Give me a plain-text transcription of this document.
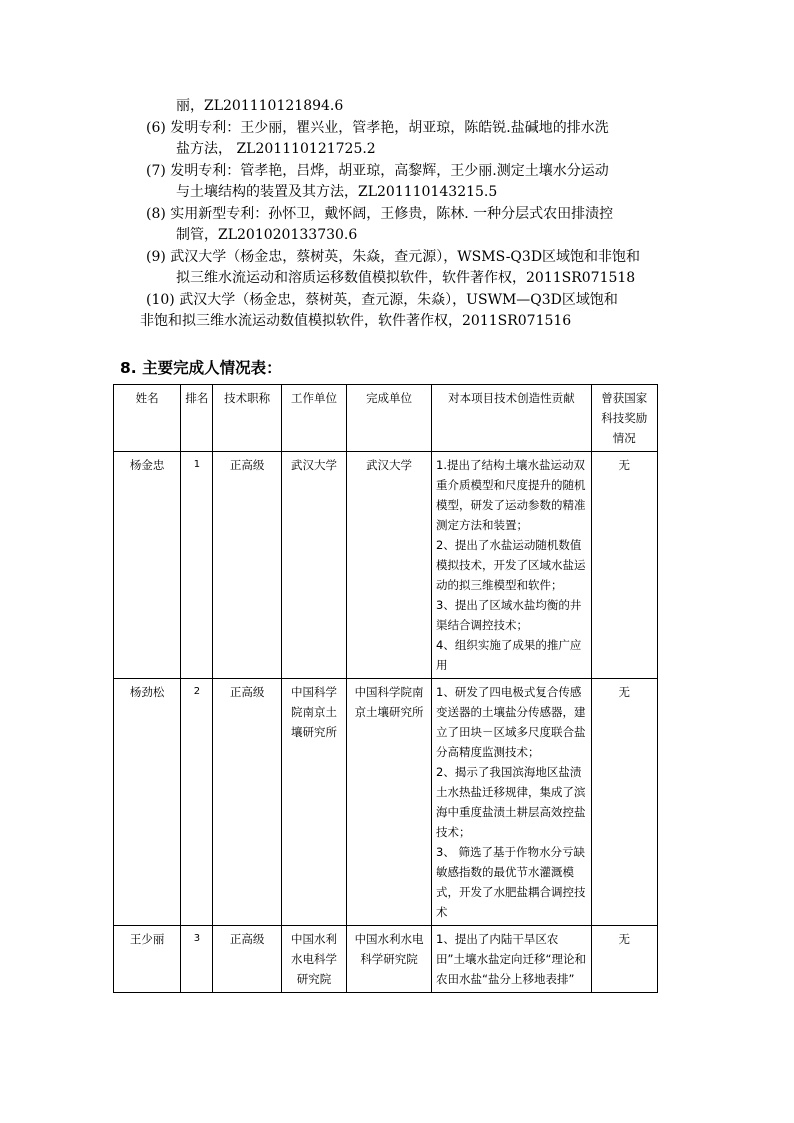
丽，ZL201110121894.6

(6) 发明专利：王少丽，瞿兴业，管孝艳，胡亚琼，陈皓锐.盐碱地的排水洗

盐方法， ZL201110121725.2

(7) 发明专利：管孝艳，吕烨，胡亚琼，高黎辉，王少丽.测定土壤水分运动

与土壤结构的装置及其方法，ZL201110143215.5

(8) 实用新型专利：孙怀卫，戴怀阔，王修贵，陈林. 一种分层式农田排渍控

制管，ZL201020133730.6

(9) 武汉大学（杨金忠，蔡树英，朱焱，查元源），WSMS-Q3D区域饱和非饱和

拟三维水流运动和溶质运移数值模拟软件，软件著作权，2011SR071518

(10) 武汉大学（杨金忠，蔡树英，查元源，朱焱），USWM—Q3D区域饱和

非饱和拟三维水流运动数值模拟软件，软件著作权，2011SR071516

8. 主要完成人情况表：
姓名	排名	技术职称	工作单位	完成单位	对本项目技术创造性贡献	曾获国家科技奖励情况
杨金忠	1	正高级	武汉大学	武汉大学	1.提出了结构土壤水盐运动双重介质模型和尺度提升的随机模型，研发了运动参数的精准测定方法和装置；
2、提出了水盐运动随机数值模拟技术，开发了区域水盐运动的拟三维模型和软件；
3、提出了区域水盐均衡的井渠结合调控技术；
4、组织实施了成果的推广应用	无
杨劲松	2	正高级	中国科学院南京土壤研究所	中国科学院南京土壤研究所	1、研发了四电极式复合传感变送器的土壤盐分传感器，建立了田块－区域多尺度联合盐分高精度监测技术；
2、揭示了我国滨海地区盐渍土水热盐迁移规律，集成了滨海中重度盐渍土耕层高效控盐技术；
3、 筛选了基于作物水分亏缺敏感指数的最优节水灌溉模式，开发了水肥盐耦合调控技术	无
王少丽	3	正高级	中国水利水电科学研究院	中国水利水电科学研究院	1、提出了内陆干旱区农田”土壤水盐定向迁移“理论和农田水盐“盐分上移地表排”	无
